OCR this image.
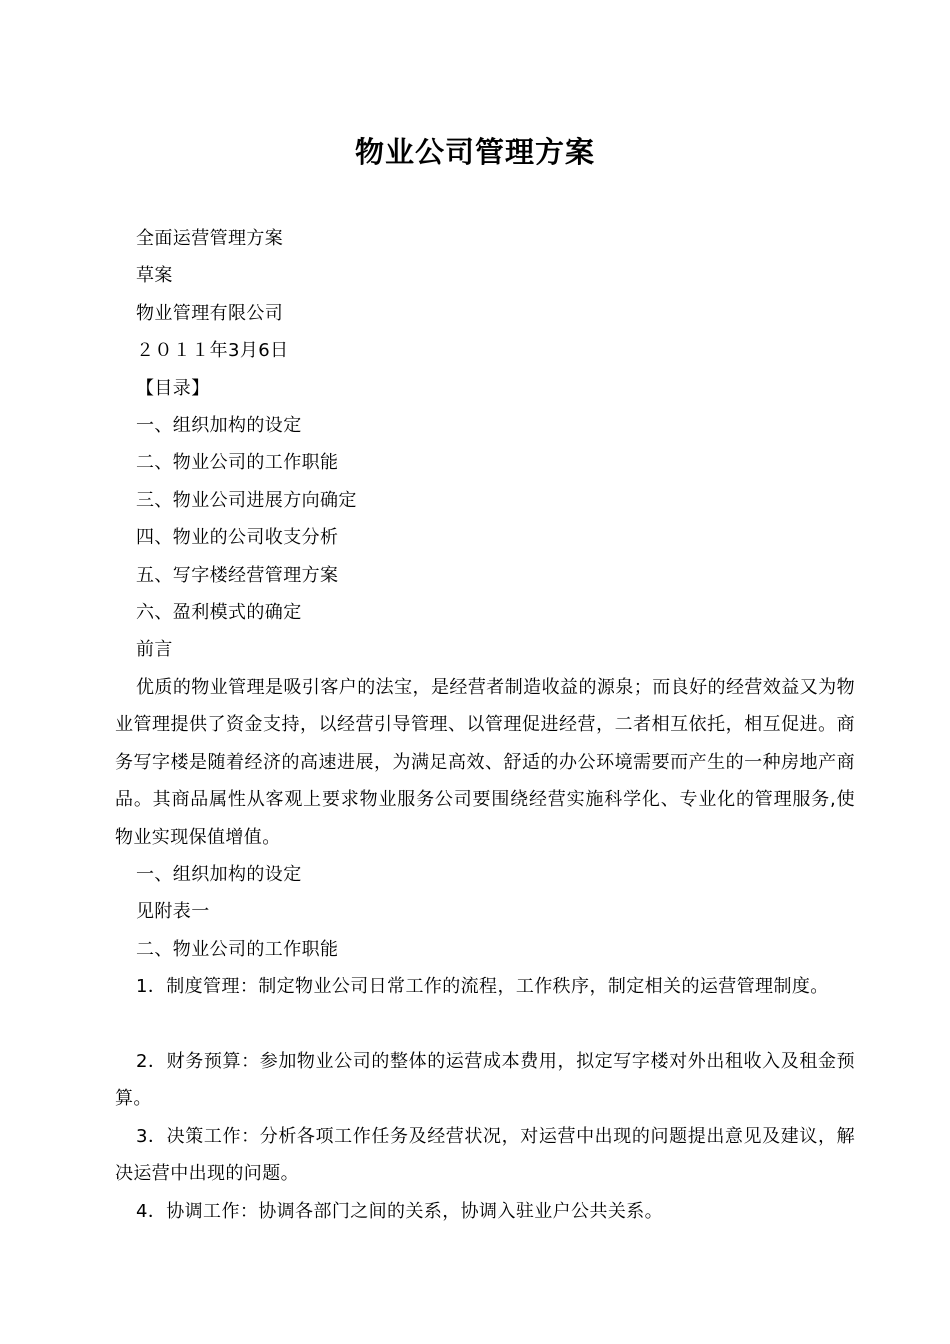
物业公司管理方案
全面运营管理方案
草案
物业管理有限公司
２０１１年3月6日
【目录】
一、组织加构的设定
二、物业公司的工作职能
三、物业公司进展方向确定
四、物业的公司收支分析
五、写字楼经营管理方案
六、盈利模式的确定
前言
优质的物业管理是吸引客户的法宝，是经营者制造收益的源泉；而良好的经营效益又为物业管理提供了资金支持，以经营引导管理、以管理促进经营，二者相互依托，相互促进。商务写字楼是随着经济的高速进展，为满足高效、舒适的办公环境需要而产生的一种房地产商品。其商品属性从客观上要求物业服务公司要围绕经营实施科学化、专业化的管理服务,使物业实现保值增值。
一、组织加构的设定
见附表一
二、物业公司的工作职能
1．制度管理：制定物业公司日常工作的流程，工作秩序，制定相关的运营管理制度。
2．财务预算：参加物业公司的整体的运营成本费用，拟定写字楼对外出租收入及租金预算。
3．决策工作：分析各项工作任务及经营状况，对运营中出现的问题提出意见及建议，解决运营中出现的问题。
4．协调工作：协调各部门之间的关系，协调入驻业户公共关系。
